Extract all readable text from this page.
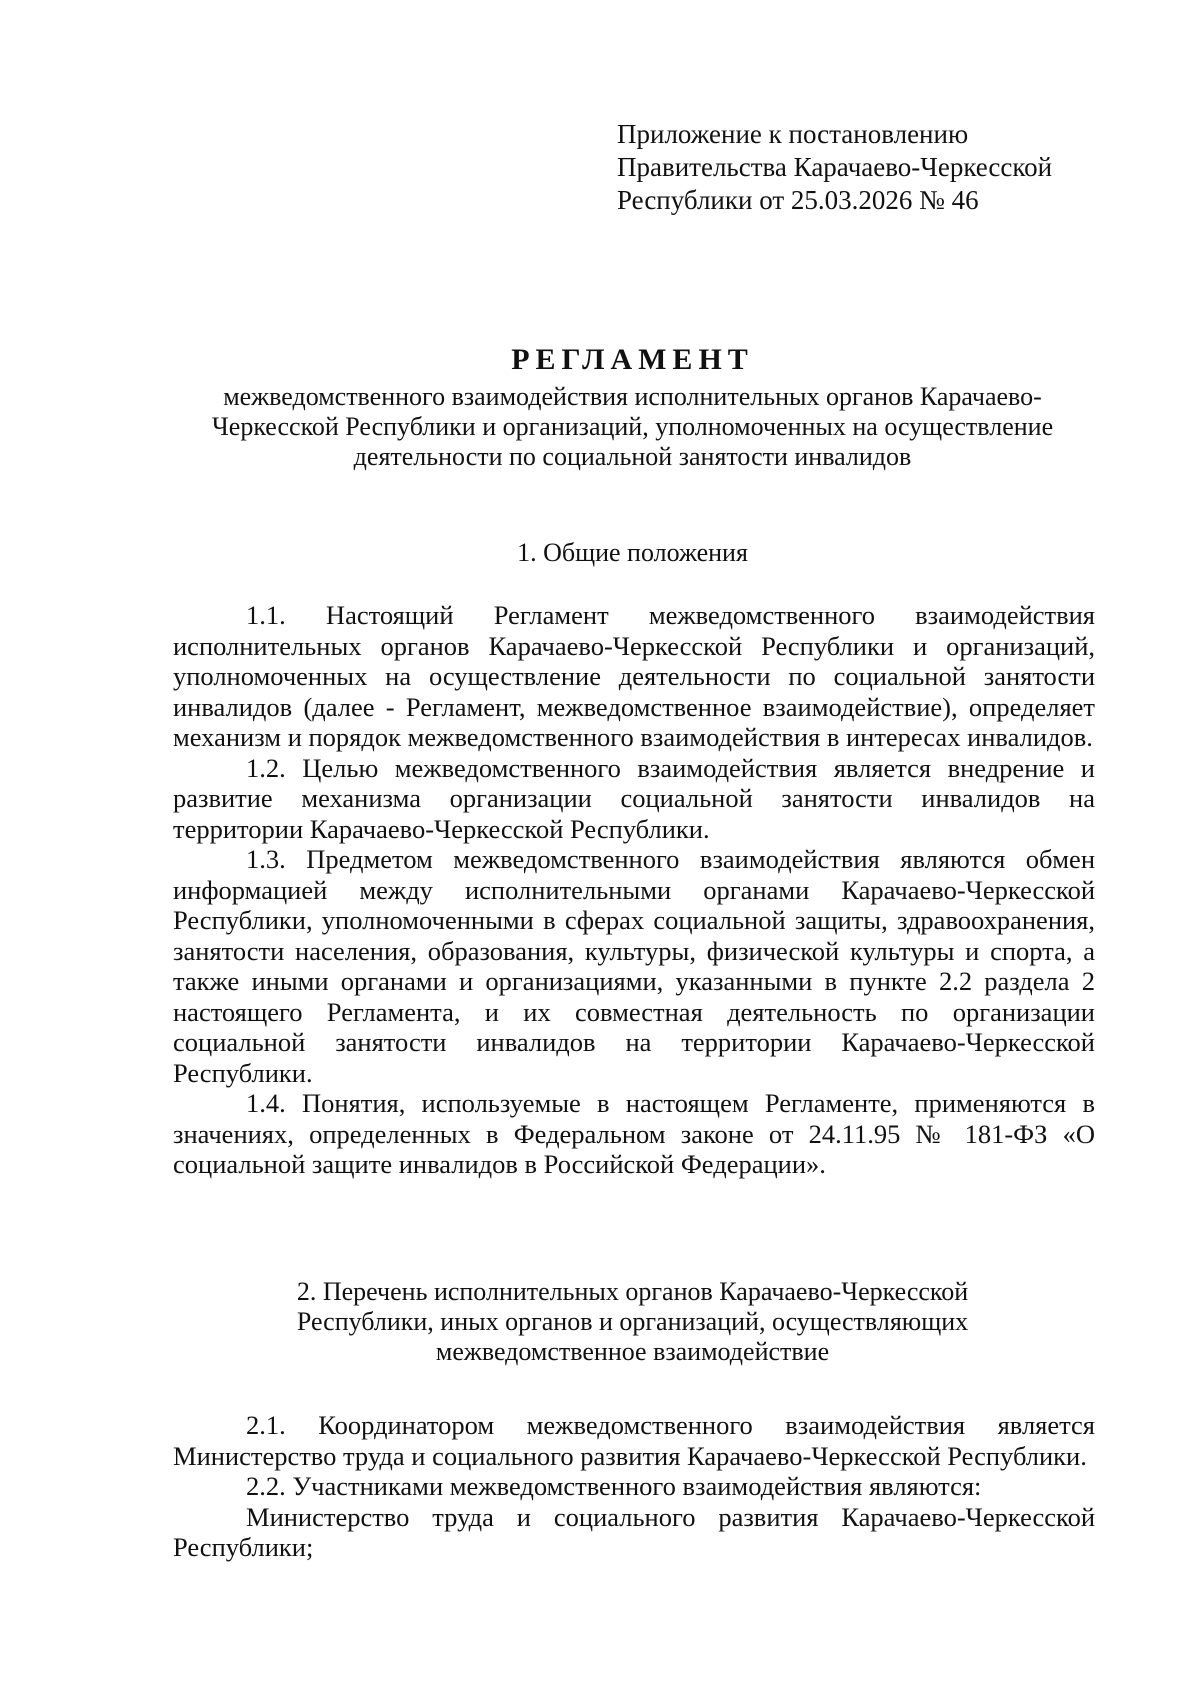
Приложение к постановлению
Правительства Карачаево-Черкесской
Республики от 25.03.2026 № 46
РЕГЛАМЕНТ
межведомственного взаимодействия исполнительных органов Карачаево-Черкесской Республики и организаций, уполномоченных на осуществление деятельности по социальной занятости инвалидов
1. Общие положения

1.1. Настоящий Регламент межведомственного взаимодействия исполнительных органов Карачаево-Черкесской Республики и организаций, уполномоченных на осуществление деятельности по социальной занятости инвалидов (далее - Регламент, межведомственное взаимодействие), определяет механизм и порядок межведомственного взаимодействия в интересах инвалидов.

1.2. Целью межведомственного взаимодействия является внедрение и развитие механизма организации социальной занятости инвалидов на территории Карачаево-Черкесской Республики.

1.3. Предметом межведомственного взаимодействия являются обмен информацией между исполнительными органами Карачаево-Черкесской Республики, уполномоченными в сферах социальной защиты, здравоохранения, занятости населения, образования, культуры, физической культуры и спорта, а также иными органами и организациями, указанными в пункте 2.2 раздела 2 настоящего Регламента, и их совместная деятельность по организации социальной занятости инвалидов на территории Карачаево-Черкесской Республики.

1.4. Понятия, используемые в настоящем Регламенте, применяются в значениях, определенных в Федеральном законе от 24.11.95 № 181-ФЗ «О социальной защите инвалидов в Российской Федерации».

2. Перечень исполнительных органов Карачаево-Черкесской
Республики, иных органов и организаций, осуществляющих
межведомственное взаимодействие

2.1. Координатором межведомственного взаимодействия является Министерство труда и социального развития Карачаево-Черкесской Республики.

2.2. Участниками межведомственного взаимодействия являются:

Министерство труда и социального развития Карачаево-Черкесской Республики;
